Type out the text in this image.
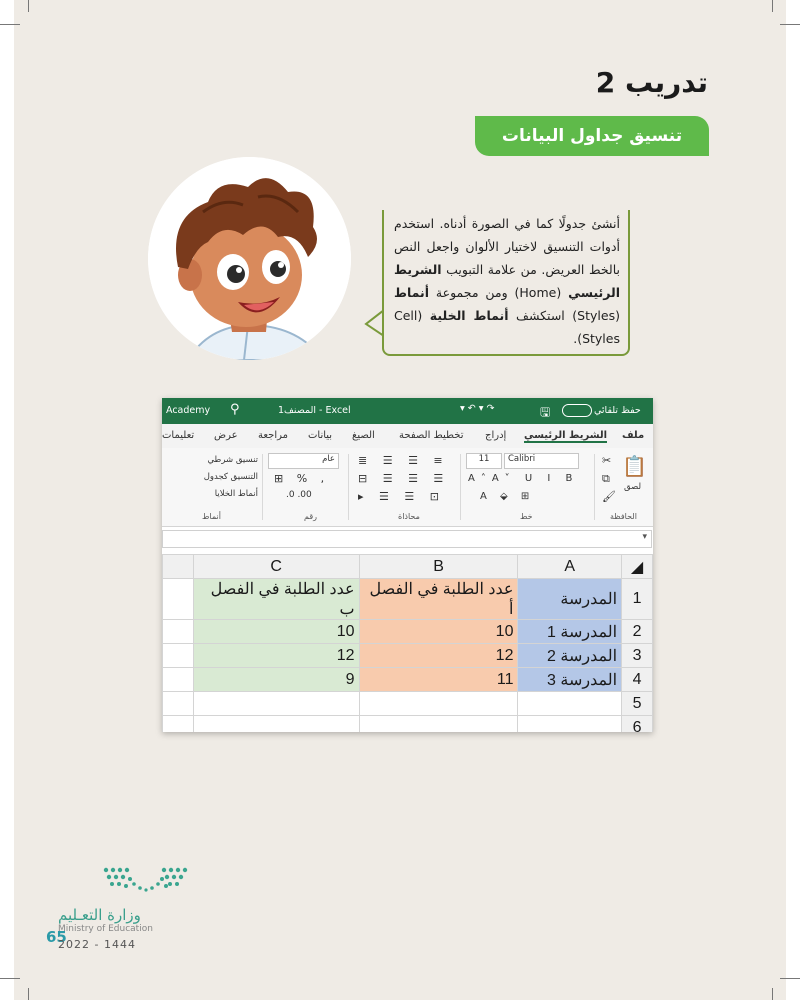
تدريب 2
تنسيق جداول البيانات
أنشئ جدولًا كما في الصورة أدناه. استخدم أدوات التنسيق لاختيار الألوان واجعل النص بالخط العريض. من علامة التبويب الشريط الرئيسي (Home) ومن مجموعة أنماط (Styles) استكشف أنماط الخلية (Cell Styles).
Academy ⚲	المصنف1 - Excel	▾ ↶ ▾ ↷	🖫	حفظ تلقائي
ملف
الشريط الرئيسي
إدراج
تخطيط الصفحة
الصيغ
بيانات
مراجعة
عرض
تعليمات
📋
لصق
✂
⧉
🖌
الحافظة
Calibri
11
A˄A˅ U I B
A ⬙ ⊞
خط
≣ ☰ ☰ ≡
⊟ ☰ ☰ ☰
▸ ☰ ☰ ⊡
محاذاة
عام
⊞ % ,
.0 .00
رقم
تنسيق شرطي
التنسيق كجدول
أنماط الخلايا
أنماط
▾
	C	B	A	◢
	عدد الطلبة في الفصل ب	عدد الطلبة في الفصل أ	المدرسة	1
	10	10	المدرسة 1	2
	12	12	المدرسة 2	3
	9	11	المدرسة 3	4
				5
				6
وزارة التعـليم
Ministry of Education
65
2022 - 1444
